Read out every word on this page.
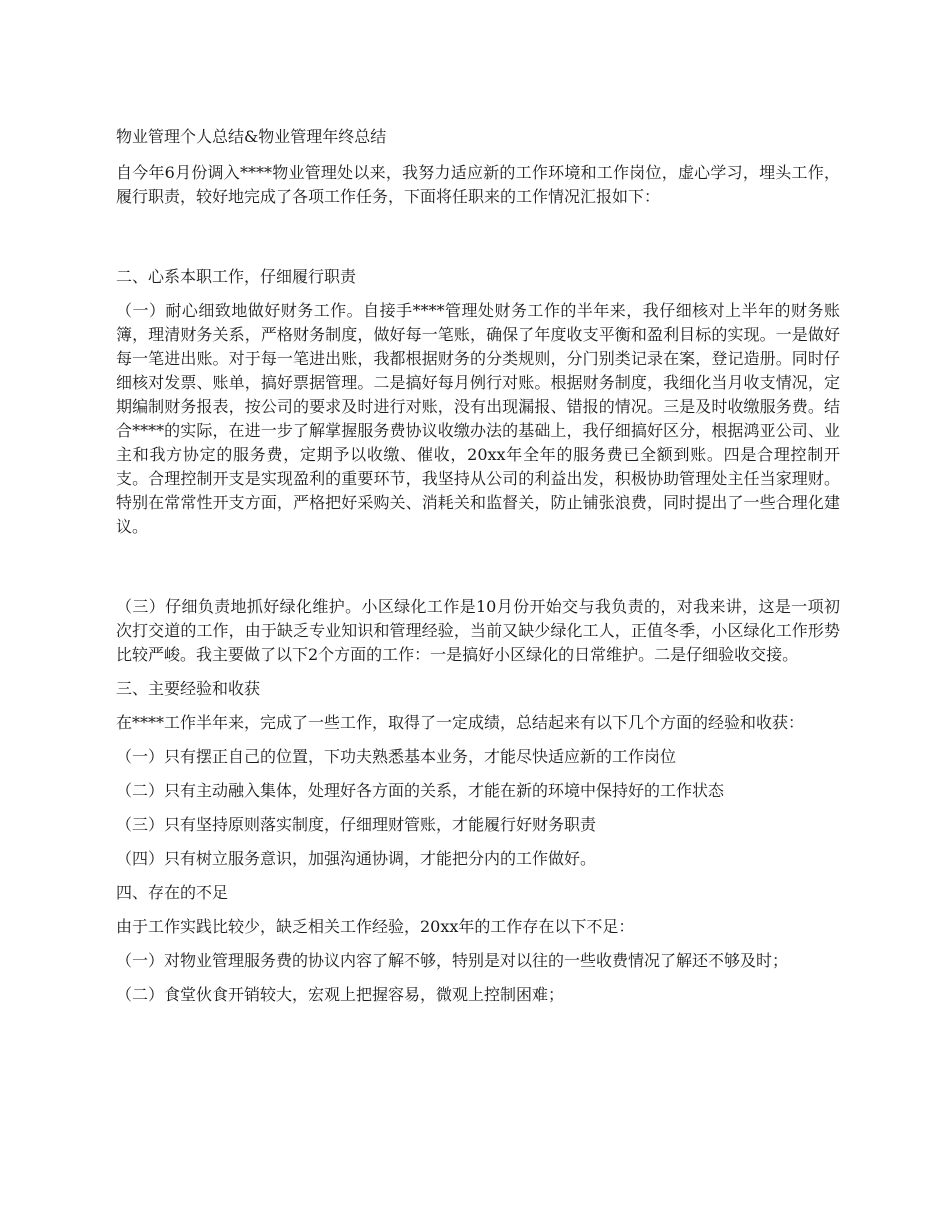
物业管理个人总结&物业管理年终总结

自今年6月份调入****物业管理处以来，我努力适应新的工作环境和工作岗位，虚心学习，埋头工作，履行职责，较好地完成了各项工作任务，下面将任职来的工作情况汇报如下：

二、心系本职工作，仔细履行职责

（一）耐心细致地做好财务工作。自接手****管理处财务工作的半年来，我仔细核对上半年的财务账簿，理清财务关系，严格财务制度，做好每一笔账，确保了年度收支平衡和盈利目标的实现。一是做好每一笔进出账。对于每一笔进出账，我都根据财务的分类规则，分门别类记录在案，登记造册。同时仔细核对发票、账单，搞好票据管理。二是搞好每月例行对账。根据财务制度，我细化当月收支情况，定期编制财务报表，按公司的要求及时进行对账，没有出现漏报、错报的情况。三是及时收缴服务费。结合****的实际，在进一步了解掌握服务费协议收缴办法的基础上，我仔细搞好区分，根据鸿亚公司、业主和我方协定的服务费，定期予以收缴、催收，20xx年全年的服务费已全额到账。四是合理控制开支。合理控制开支是实现盈利的重要环节，我坚持从公司的利益出发，积极协助管理处主任当家理财。特别在常常性开支方面，严格把好采购关、消耗关和监督关，防止铺张浪费，同时提出了一些合理化建议。

（三）仔细负责地抓好绿化维护。小区绿化工作是10月份开始交与我负责的，对我来讲，这是一项初次打交道的工作，由于缺乏专业知识和管理经验，当前又缺少绿化工人，正值冬季，小区绿化工作形势比较严峻。我主要做了以下2个方面的工作：一是搞好小区绿化的日常维护。二是仔细验收交接。

三、主要经验和收获

在****工作半年来，完成了一些工作，取得了一定成绩，总结起来有以下几个方面的经验和收获：

（一）只有摆正自己的位置，下功夫熟悉基本业务，才能尽快适应新的工作岗位

（二）只有主动融入集体，处理好各方面的关系，才能在新的环境中保持好的工作状态

（三）只有坚持原则落实制度，仔细理财管账，才能履行好财务职责

（四）只有树立服务意识，加强沟通协调，才能把分内的工作做好。

四、存在的不足

由于工作实践比较少，缺乏相关工作经验，20xx年的工作存在以下不足：

（一）对物业管理服务费的协议内容了解不够，特别是对以往的一些收费情况了解还不够及时；

（二）食堂伙食开销较大，宏观上把握容易，微观上控制困难；
